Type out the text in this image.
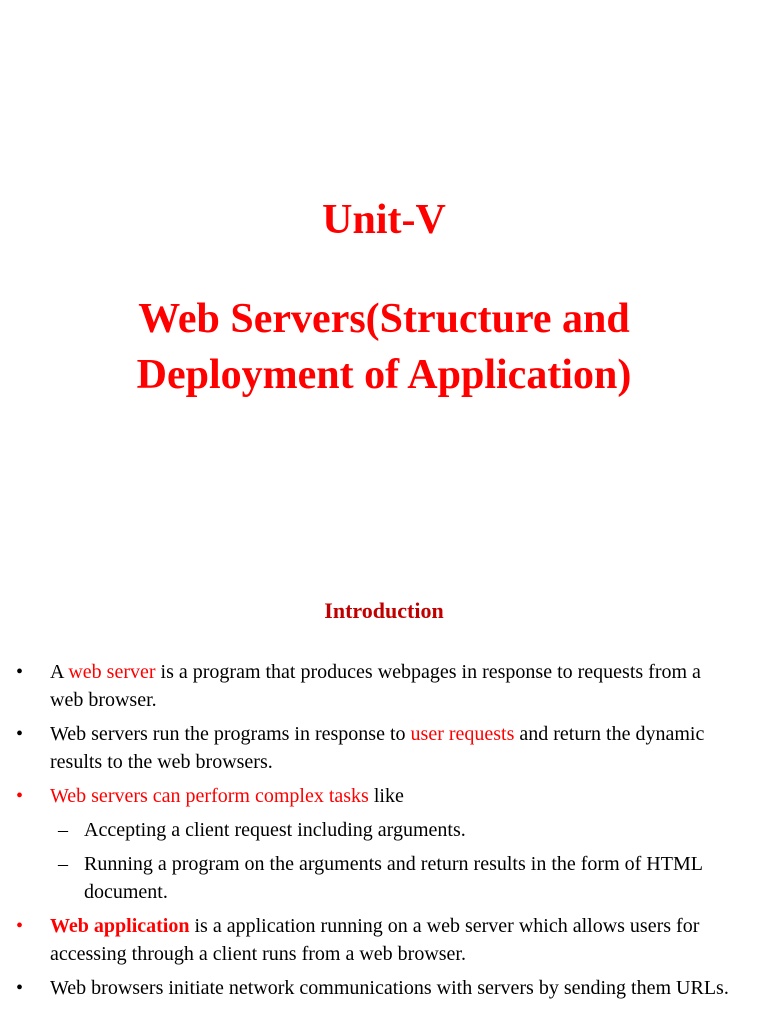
Unit-V
Web Servers(Structure and
Deployment of Application)
Introduction
• A web server is a program that produces webpages in response to requests from a web browser.
• Web servers run the programs in response to user requests and return the dynamic results to the web browsers.
• Web servers can perform complex tasks like
– Accepting a client request including arguments.
– Running a program on the arguments and return results in the form of HTML document.
• Web application is a application running on a web server which allows users for accessing through a client runs from a web browser.
• Web browsers initiate network communications with servers by sending them URLs.
